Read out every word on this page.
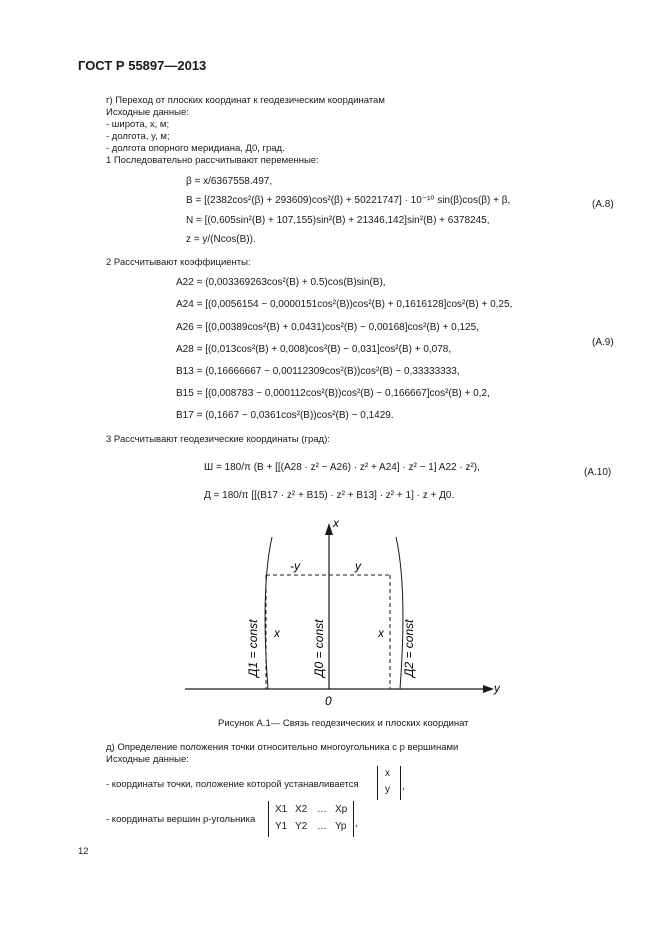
ГОСТ Р 55897—2013
г) Переход от плоских координат к геодезическим координатам
Исходные данные:
- широта, x, м;
- долгота, y, м;
- долгота опорного меридиана, Д0, град.
1 Последовательно рассчитывают переменные:
β = x/6367558.497,
B = [(2382cos²(β) + 293609)cos²(β) + 50221747] · 10⁻¹⁰ sin(β)cos(β) + β,
N = [(0,605sin²(B) + 107,155)sin²(B) + 21346,142]sin²(B) + 6378245,
z = y/(Ncos(B)).
(А.8)
2 Рассчитывают коэффициенты:
A22 = (0,003369263cos²(B) + 0.5)cos(B)sin(B),
A24 = [(0,0056154 − 0,0000151cos²(B))cos²(B) + 0,1616128]cos²(B) + 0,25,
A26 = [(0,00389cos²(B) + 0,0431)cos²(B) − 0,00168]cos²(B) + 0,125,
A28 = [(0,013cos²(B) + 0,008)cos²(B) − 0,031]cos²(B) + 0,078,
B13 = (0,16666667 − 0,00112309cos²(B))cos²(B) − 0,33333333,
B15 = [(0,00878З − 0,000112cos²(B))cos²(B) − 0,166667]cos²(B) + 0,2,
B17 = (0,1667 − 0,0361cos²(B))cos²(B) − 0,1429.
(А.9)
3 Рассчитывают геодезические координаты (град):
Ш = 180/π (B + [[(A28 · z² − A26) · z² + A24] · z² − 1] A22 · z²),
Д = 180/π [[(B17 · z² + B15) · z² + B13] · z² + 1] · z + Д0.
(А.10)
x
y
0
-y	y
x	x
Д1 = const	Д0 = const	Д2 = const
Рисунок А.1— Связь геодезических и плоских координат
д) Определение положения точки относительно многоугольника с p вершинами
Исходные данные:
- координаты точки, положение которой устанавливается
x
y ,
- координаты вершин p-угольника
X1 X2 … Xp
Y1 Y2 … Yp ,
12
